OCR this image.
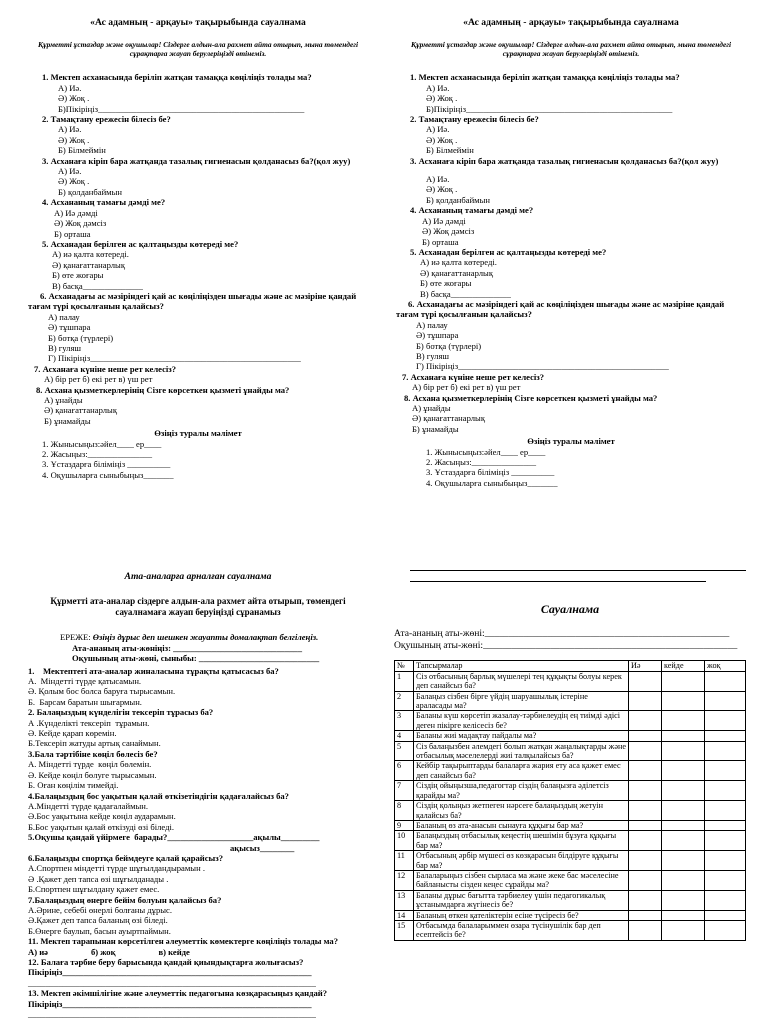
«Ас адамның - арқауы» тақырыбында сауалнама
Құрметті ұстаздар және оқушылар! Сіздерге алдын-ала рахмет айта отырып, мына төмендегі сұрақтарға жауап берулеріңізді өтінеміз.
1. Мектеп асханасында беріліп жатқан тамаққа көңіліңіз толады ма?
А) Иә.
Ә) Жоқ .
Б)Пікіріңіз________________________________________________
2. Тамақтану ережесін білесіз бе?
А) Иә.
Ә) Жоқ .
Б) Білмеймін
3. Асханаға кіріп бара жатқанда тазалық гигиенасын қолданасыз ба?(қол жуу)
А) Иә.
Ә) Жоқ .
Б) қолданбаймын
4. Асхананың тамағы дәмді ме?
А) Иә дәмді
Ә) Жоқ дәмсіз
Б) орташа
5. Асханадан берілген ас қалтаңызды көтереді ме?
А) иә қалта көтереді.
Ә) қанағаттанарлық
Б) өте жоғары
В) басқа______________
6. Асханадағы ас мәзіріндегі қай ас көңіліңізден шығады және ас мәзіріне қандай тағам түрі қосылғанын қалайсыз?
А) палау
Ә) тұшпара
Б) ботқа (түрлері)
В) гуляш
Г) Пікіріңіз_________________________________________________
7. Асханаға күніне неше рет келесіз?
А) бір рет б) екі рет в) үш рет
8. Асхана қызметкерлерінің Сізге көрсеткен қызметі ұнайды ма?
А) ұнайды
Ә) қанағаттанарлық
Б) ұнамайды
Өзіңіз туралы мәлімет
1. Жынысыңыз:әйел____ ер____
2. Жасыңыз:_______________
3. Ұстаздарға біліміңіз __________
4. Оқушыларға сыныбыңыз_______
«Ас адамның - арқауы» тақырыбында сауалнама
Құрметті ұстаздар және оқушылар! Сіздерге алдын-ала рахмет айта отырып, мына төмендегі сұрақтарға жауап берулеріңізді өтінеміз.
1. Мектеп асханасында беріліп жатқан тамаққа көңіліңіз толады ма?
А) Иә.
Ә) Жоқ .
Б)Пікіріңіз________________________________________________
2. Тамақтану ережесін білесіз бе?
А) Иә.
Ә) Жоқ .
Б) Білмеймін
3. Асханаға кіріп бара жатқанда тазалық гигиенасын қолданасыз ба?(қол жуу)
А) Иә.
Ә) Жоқ .
Б) қолданбаймын
4. Асхананың тамағы дәмді ме?
А) Иә дәмді
Ә) Жоқ дәмсіз
Б) орташа
5. Асханадан берілген ас қалтаңызды көтереді ме?
А) иә қалта көтереді.
Ә) қанағаттанарлық
Б) өте жоғары
В) басқа______________
6. Асханадағы ас мәзіріндегі қай ас көңіліңізден шығады және ас мәзіріне қандай тағам түрі қосылғанын қалайсыз?
А) палау
Ә) тұшпара
Б) ботқа (түрлері)
В) гуляш
Г) Пікіріңіз_________________________________________________
7. Асханаға күніне неше рет келесіз?
А) бір рет б) екі рет в) үш рет
8. Асхана қызметкерлерінің Сізге көрсеткен қызметі ұнайды ма?
А) ұнайды
Ә) қанағаттанарлық
Б) ұнамайды
Өзіңіз туралы мәлімет
1. Жынысыңыз:әйел____ ер____
2. Жасыңыз:_______________
3. Ұстаздарға біліміңіз __________
4. Оқушыларға сыныбыңыз_______
Ата-аналарға арналған сауалнама
Құрметті ата-аналар сіздерге алдын-ала рахмет айта отырып, төмендегі сауалнамаға жауап беруіңізді сұранамыз
ЕРЕЖЕ: Өзіңіз дұрыс деп шешкен жауапты домалақтап белгілеңіз.
Ата-ананың аты-жөніңіз: ______________________________
Оқушының аты-жөні, сыныбы: ____________________________
1.    Мектептегі ата-аналар жиналасына тұрақты қатысасыз ба?
А.  Міндетті түрде қатысамын.
Ә. Қолым бос болса баруға тырысамын.
Б.  Барсам баратын шығармын.
2. Балаңыздың күнделігін тексеріп тұрасыз ба?
А .Күнделікті тексеріп  тұрамын.
Ә. Кейде қарап көремін.
Б.Тексеріп жатуды артық санаймын.
3.Бала тәртібіне көңіл бөлесіз бе?
А. Міндетті түрде  көңіл бөлемін.
Ә. Кейде көңіл бөлуге тырысамын.
Б. Оған көңілім тимейді.
4.Балаңыздың бос уақытын қалай өткізетіндігін қадағалайсыз ба?
А.Міндетті түрде қадағалаймын.
Ә.Бос уақытына кейде көңіл аударамын.
Б.Бос уақытын қалай өткізуді өзі біледі.
5.Оқушы қандай үйірмеге  барады?____________________ақылы_________
ақысыз________
6.Балаңызды спортқа беймдеуге қалай қарайсыз?
А.Спортпен міндетті түрде шұғылдандырамын .
Ә .Қажет деп тапса өзі шұғылданады .
Б.Спортпен шұғылдану қажет емес.
7.Балаңыздың өнерге бейім болуын қалайсыз ба?
А.Әрине, себебі өнерлі болғаны дұрыс.
Ә.Қажет деп тапса баланың өзі біледі.
Б.Өнерге баулып, басын ауыртпаймын.
11. Мектеп тарапынан көрсетілген әлеуметтік көмектерге көңіліңіз толады ма?
А) иә                    б) жоқ                    в) кейде
12. Балаға тәрбие беру барысында қандай қиындықтарға жолығасыз?
Пікіріңіз__________________________________________________________
___________________________________________________________________
13. Мектеп әкімшілігіне және әлеуметтік педагогына көзқарасыңыз қандай?
Пікіріңіз__________________________________________________________
___________________________________________________________________
Сауалнама
Ата-ананың аты-жөні:___________________________________________________
Оқушының аты-жөні:_____________________________________________________
№	Тапсырмалар	Иә	кейде	жоқ
1	Сіз отбасының барлық мүшелері тең құқықты болуы керек деп санайсыз ба?			
2	Балаңыз сізбен бірге үйдің шаруашылық істеріне араласады ма?			
3	Баланы күш көрсетіп жазалау-тәрбиелеудің ең тиімді әдісі деген пікірге келісесіз бе?			
4	Баланы жиі мадақтау пайдалы ма?			
5	Сіз балаңызбен әлемдегі болып жатқан жаңалықтарды және отбасылық мәселелерді жиі талқылайсыз ба?			
6	Кейбір тақырыптарды балаларға жария ету аса қажет емес деп санайсыз ба?			
7	Сіздің ойыңызша,педагогтар сіздің балаңызға әділетсіз қарайды ма?			
8	Сіздің қолыңыз жетпеген нәрсеге балаңыздың жетуін қалайсыз ба?			
9	Баланың өз ата-анасын сынауға құқығы бар ма?			
10	Балаңыздың отбасылық кеңестің шешімін бұзуға құқығы бар ма?			
11	Отбасының әрбір мүшесі өз көзқарасын білдіруге құқығы бар ма?			
12	Балаларыңыз сізбен сырласа ма және жеке бас мәселесіне байланысты сізден кеңес сұрайды ма?			
13	Баланы дұрыс бағытта тәрбиелеу үшін педагогикалық ұстанымдарға жүгінесіз бе?			
14	Баланың өткен қателіктерін есіне түсіресіз бе?			
15	Отбасымда балаларыммен өзара түсінушілік бар деп есептейсіз бе?			
